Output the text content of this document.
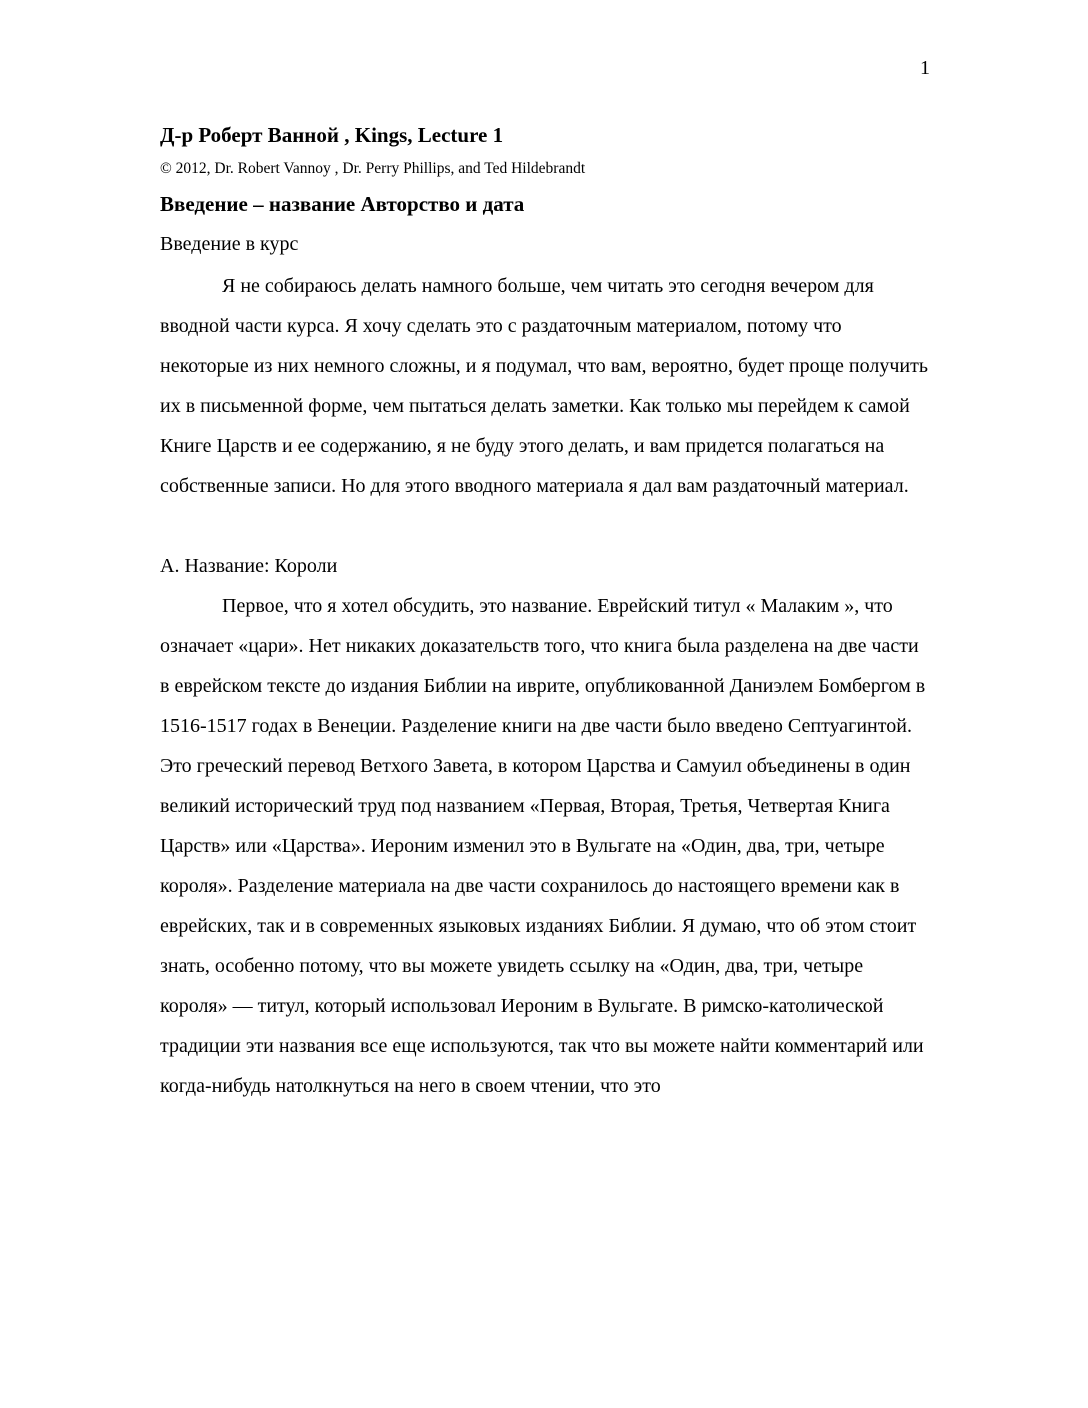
1

Д-р Роберт Ванной , Kings, Lecture 1

© 2012, Dr. Robert Vannoy , Dr. Perry Phillips, and Ted Hildebrandt

Введение – название Авторство и дата

Введение в курс

Я не собираюсь делать намного больше, чем читать это сегодня вечером для вводной части курса. Я хочу сделать это с раздаточным материалом, потому что некоторые из них немного сложны, и я подумал, что вам, вероятно, будет проще получить их в письменной форме, чем пытаться делать заметки. Как только мы перейдем к самой Книге Царств и ее содержанию, я не буду этого делать, и вам придется полагаться на собственные записи. Но для этого вводного материала я дал вам раздаточный материал.

А. Название: Короли

Первое, что я хотел обсудить, это название. Еврейский титул « Малаким », что означает «цари». Нет никаких доказательств того, что книга была разделена на две части в еврейском тексте до издания Библии на иврите, опубликованной Даниэлем Бомбергом в 1516-1517 годах в Венеции. Разделение книги на две части было введено Септуагинтой. Это греческий перевод Ветхого Завета, в котором Царства и Самуил объединены в один великий исторический труд под названием «Первая, Вторая, Третья, Четвертая Книга Царств» или «Царства». Иероним изменил это в Вульгате на «Один, два, три, четыре короля». Разделение материала на две части сохранилось до настоящего времени как в еврейских, так и в современных языковых изданиях Библии. Я думаю, что об этом стоит знать, особенно потому, что вы можете увидеть ссылку на «Один, два, три, четыре короля» — титул, который использовал Иероним в Вульгате. В римско-католической традиции эти названия все еще используются, так что вы можете найти комментарий или когда-нибудь натолкнуться на него в своем чтении, что это
